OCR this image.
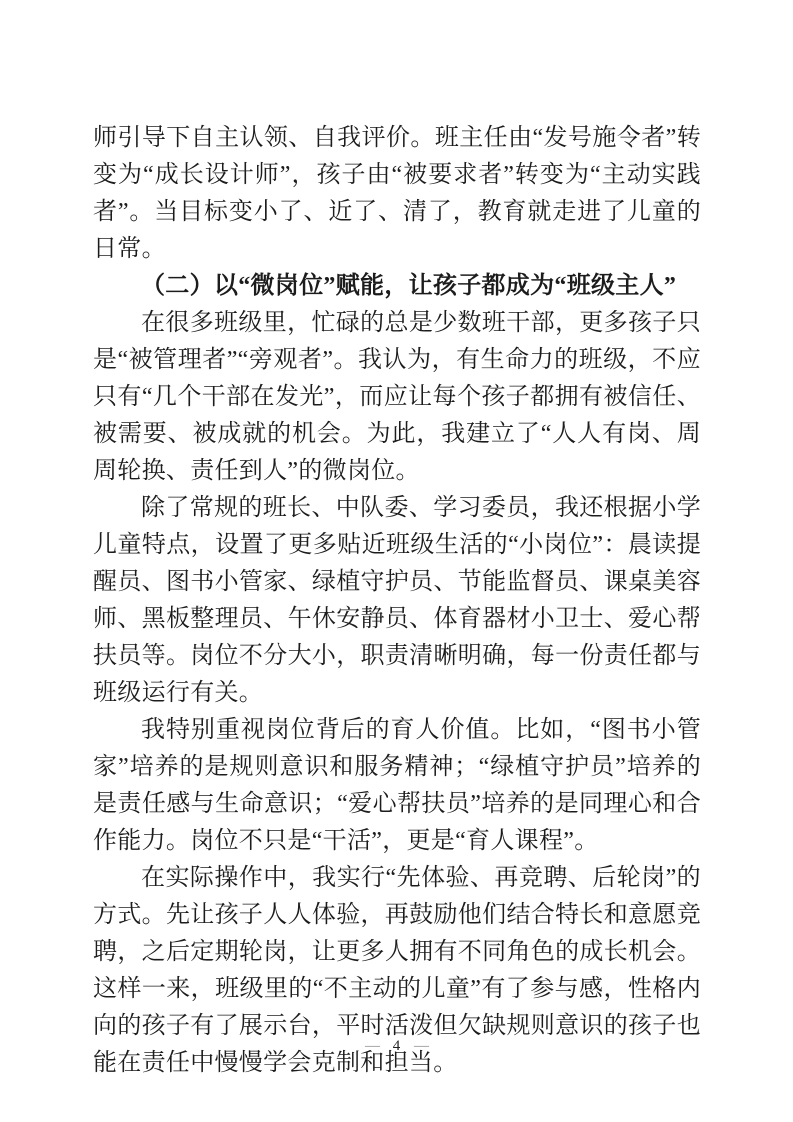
师引导下自主认领、自我评价。班主任由“发号施令者”转变为“成长设计师”，孩子由“被要求者”转变为“主动实践者”。当目标变小了、近了、清了，教育就走进了儿童的日常。

（二）以“微岗位”赋能，让孩子都成为“班级主人”

在很多班级里，忙碌的总是少数班干部，更多孩子只是“被管理者”“旁观者”。我认为，有生命力的班级，不应只有“几个干部在发光”，而应让每个孩子都拥有被信任、被需要、被成就的机会。为此，我建立了“人人有岗、周周轮换、责任到人”的微岗位。

除了常规的班长、中队委、学习委员，我还根据小学儿童特点，设置了更多贴近班级生活的“小岗位”：晨读提醒员、图书小管家、绿植守护员、节能监督员、课桌美容师、黑板整理员、午休安静员、体育器材小卫士、爱心帮扶员等。岗位不分大小，职责清晰明确，每一份责任都与班级运行有关。

我特别重视岗位背后的育人价值。比如，“图书小管家”培养的是规则意识和服务精神；“绿植守护员”培养的是责任感与生命意识；“爱心帮扶员”培养的是同理心和合作能力。岗位不只是“干活”，更是“育人课程”。

在实际操作中，我实行“先体验、再竞聘、后轮岗”的方式。先让孩子人人体验，再鼓励他们结合特长和意愿竞聘，之后定期轮岗，让更多人拥有不同角色的成长机会。这样一来，班级里的“不主动的儿童”有了参与感，性格内向的孩子有了展示台，平时活泼但欠缺规则意识的孩子也能在责任中慢慢学会克制和担当。

— 4 —
